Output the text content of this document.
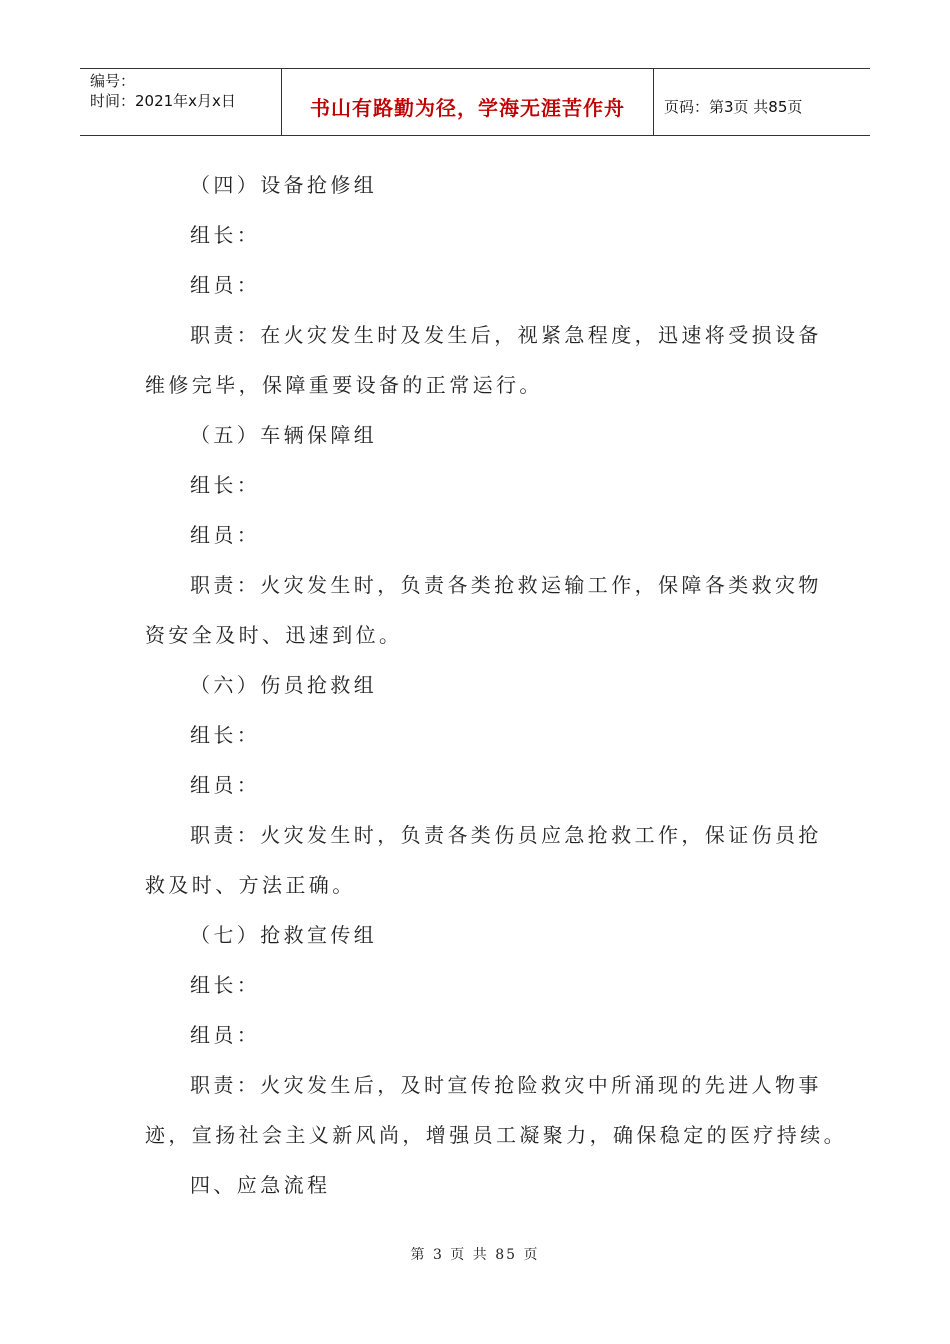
编号：
时间：2021年x月x日	书山有路勤为径，学海无涯苦作舟	页码：第3页 共85页
（四）设备抢修组
组长：
组员：
职责：在火灾发生时及发生后，视紧急程度，迅速将受损设备
维修完毕，保障重要设备的正常运行。
（五）车辆保障组
组长：
组员：
职责：火灾发生时，负责各类抢救运输工作，保障各类救灾物
资安全及时、迅速到位。
（六）伤员抢救组
组长：
组员：
职责：火灾发生时，负责各类伤员应急抢救工作，保证伤员抢
救及时、方法正确。
（七）抢救宣传组
组长：
组员：
职责：火灾发生后，及时宣传抢险救灾中所涌现的先进人物事
迹，宣扬社会主义新风尚，增强员工凝聚力，确保稳定的医疗持续。
四、应急流程
第 3 页 共 85 页
